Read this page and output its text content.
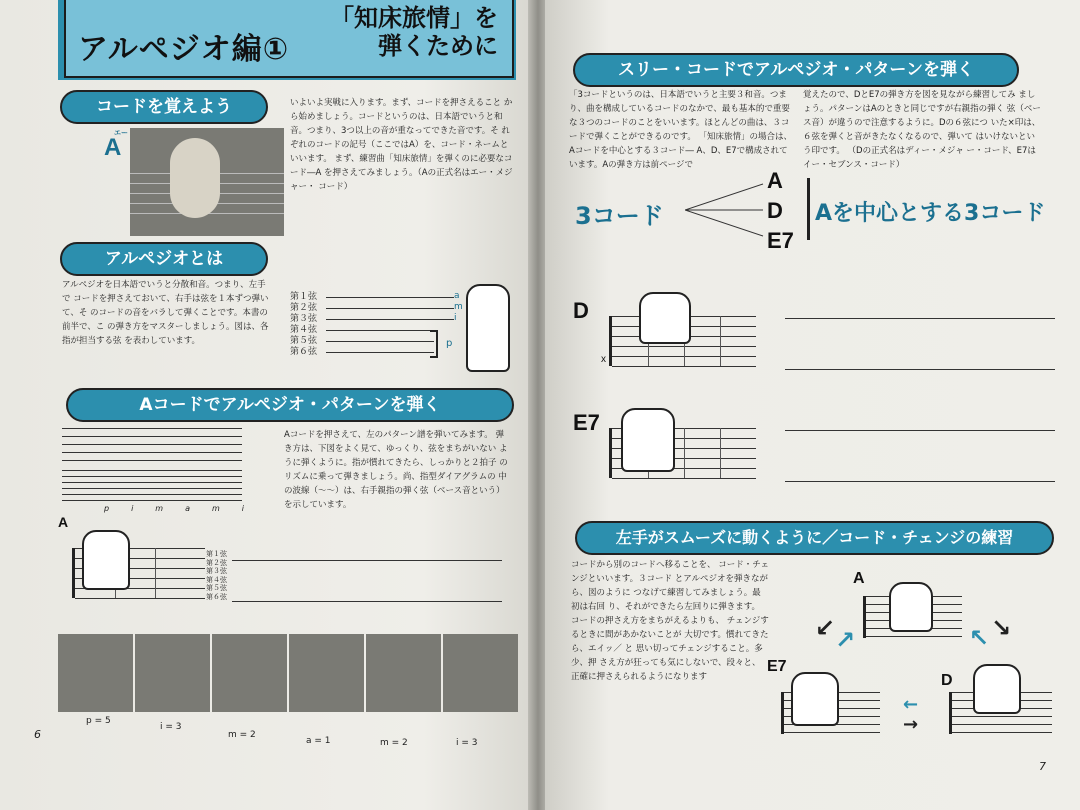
アルペジオ編①
「知床旅情」を
弾くために
コードを覚えよう
エー
A
いよいよ実戦に入ります。まず、コードを押さえること から始めましょう。コードというのは、日本語でいうと和 音。つまり、3つ以上の音が重なってできた音です。そ れぞれのコードの記号（ここではA）を、コード・ネームと いいます。 まず、練習曲「知床旅情」を弾くのに必要なコード―A を押さえてみましょう。（Aの正式名はエー・メジャー・ コード）
アルペジオとは
アルペジオを日本語でいうと分散和音。つまり、左手で コードを押さえておいて、右手は弦を１本ずつ弾いて、そ のコードの音をバラして弾くことです。本書の前半で、こ の弾き方をマスターしましょう。図は、各指が担当する弦 を表わしています。
第１弦
第２弦
第３弦
第４弦
第５弦
第６弦
a
m
i
p
Aコードでアルペジオ・パターンを弾く
p	i	m	a	m	i
Aコードを押さえて、左のパターン譜を弾いてみます。 弾き方は、下図をよく見て、ゆっくり、弦をまちがいない ように弾くように。指が慣れてきたら、しっかりと２拍子 のリズムに乗って弾きましょう。尚、指型ダイアグラムの 中の波線（～～）は、右手親指の弾く弦（ベース音という） を示しています。
A
第１弦
第２弦
第３弦
第４弦
第５弦
第６弦
p = 5
i = 3
m = 2
a = 1	m = 2	i = 3
6
スリー・コードでアルペジオ・パターンを弾く
「3コードというのは、日本語でいうと主要３和音。つま り、曲を構成しているコードのなかで、最も基本的で重要 な３つのコードのことをいいます。ほとんどの曲は、３コ ードで弾くことができるのです。 「知床旅情」の場合は、Aコードを中心とする３コード― A、D、E7で構成されています。Aの弾き方は前ページで
覚えたので、DとE7の弾き方を図を見ながら練習してみ ましょう。パターンはAのときと同じですが右親指の弾く 弦（ベース音）が違うので注意するように。Dの６弦につ いた×印は、６弦を弾くと音がきたなくなるので、弾いて はいけないという印です。 （Dの正式名はディー・メジャ ー・コード、E7はイー・セブンス・コード）
3コード
A
D
E7
Aを中心とする3コード
D
x
E7
左手がスムーズに動くように／コード・チェンジの練習
コードから別のコードへ移ることを、 コード・チェンジといいます。３コード とアルペジオを弾きながら、図のように つなげて練習してみましょう。最初は右回 り、それができたら左回りに弾きます。 コードの押さえ方をまちがえるよりも、 チェンジするときに間があかないことが 大切です。慣れてきたら、エイッ／ と 思い切ってチェンジすること。多少、押 さえ方が狂っても気にしないで、段々と、 正確に押さえられるようになります
A
E7
D
↙ ↗	↖ ↘
←
→
7
